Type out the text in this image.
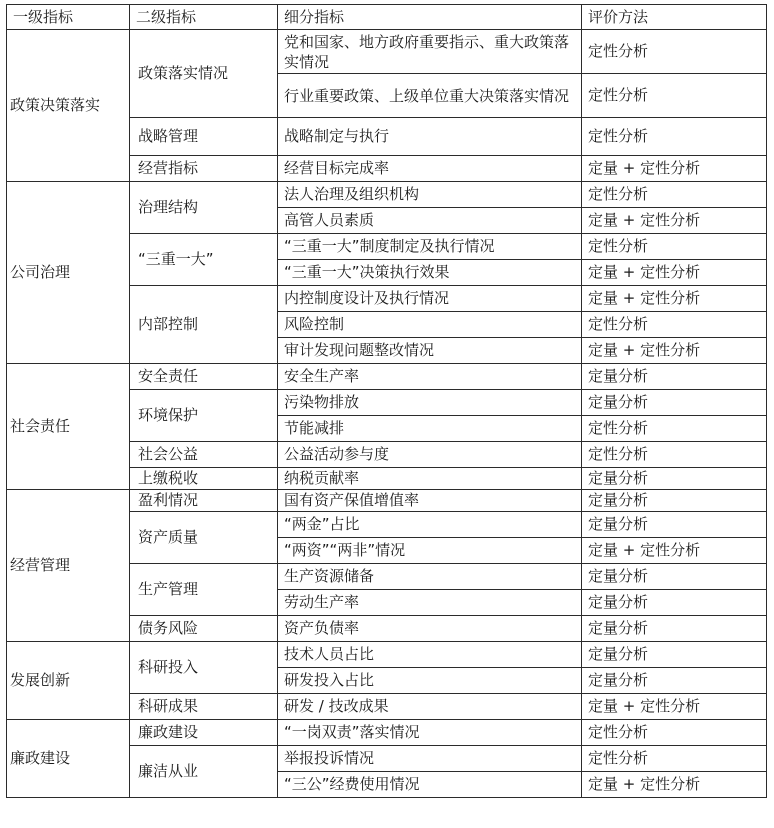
一级指标	二级指标	细分指标	评价方法
政策决策落实	政策落实情况	党和国家、地方政府重要指示、重大政策落实情况	定性分析
		行业重要政策、上级单位重大决策落实情况	定性分析
	战略管理	战略制定与执行	定性分析
	经营指标	经营目标完成率	定量 + 定性分析
公司治理	治理结构	法人治理及组织机构	定性分析
		高管人员素质	定量 + 定性分析
	“三重一大”	“三重一大”制度制定及执行情况	定性分析
		“三重一大”决策执行效果	定量 + 定性分析
	内部控制	内控制度设计及执行情况	定量 + 定性分析
		风险控制	定性分析
		审计发现问题整改情况	定量 + 定性分析
社会责任	安全责任	安全生产率	定量分析
	环境保护	污染物排放	定量分析
		节能减排	定性分析
	社会公益	公益活动参与度	定性分析
	上缴税收	纳税贡献率	定量分析
经营管理	盈利情况	国有资产保值增值率	定量分析
	资产质量	“两金”占比	定量分析
		“两资”“两非”情况	定量 + 定性分析
	生产管理	生产资源储备	定量分析
		劳动生产率	定量分析
	债务风险	资产负债率	定量分析
发展创新	科研投入	技术人员占比	定量分析
		研发投入占比	定量分析
	科研成果	研发 / 技改成果	定量 + 定性分析
廉政建设	廉政建设	“一岗双责”落实情况	定性分析
	廉洁从业	举报投诉情况	定性分析
		“三公”经费使用情况	定量 + 定性分析
